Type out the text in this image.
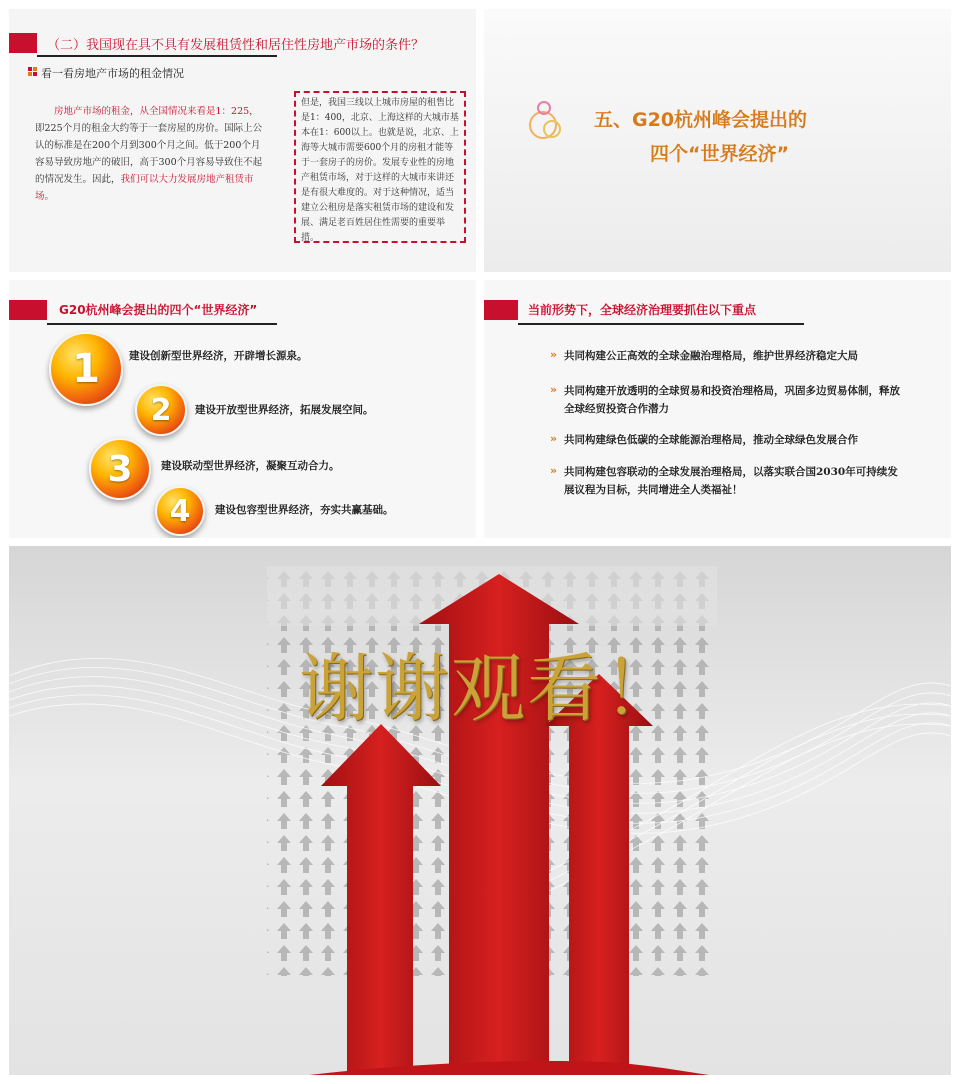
（二）我国现在具不具有发展租赁性和居住性房地产市场的条件？
看一看房地产市场的租金情况

房地产市场的租金，从全国情况来看是1：225，即225个月的租金大约等于一套房屋的房价。国际上公认的标准是在200个月到300个月之间。低于200个月容易导致房地产的破旧，高于300个月容易导致住不起的情况发生。因此，我们可以大力发展房地产租赁市场。

但是，我国三线以上城市房屋的租售比是1：400，北京、上海这样的大城市基本在1：600以上。也就是说，北京、上海等大城市需要600个月的房租才能等于一套房子的房价。发展专业性的房地产租赁市场，对于这样的大城市来讲还是有很大难度的。对于这种情况，适当建立公租房是落实租赁市场的建设和发展、满足老百姓居住性需要的重要举措。
五、G20杭州峰会提出的
四个“世界经济”
G20杭州峰会提出的四个“世界经济”
1	建设创新型世界经济，开辟增长源泉。
2	建设开放型世界经济，拓展发展空间。
3	建设联动型世界经济，凝聚互动合力。
4	建设包容型世界经济，夯实共赢基础。
当前形势下，全球经济治理要抓住以下重点
» 共同构建公正高效的全球金融治理格局，维护世界经济稳定大局
» 共同构建开放透明的全球贸易和投资治理格局，巩固多边贸易体制，释放全球经贸投资合作潜力
» 共同构建绿色低碳的全球能源治理格局，推动全球绿色发展合作
» 共同构建包容联动的全球发展治理格局，以落实联合国2030年可持续发展议程为目标，共同增进全人类福祉！
谢谢观看！
